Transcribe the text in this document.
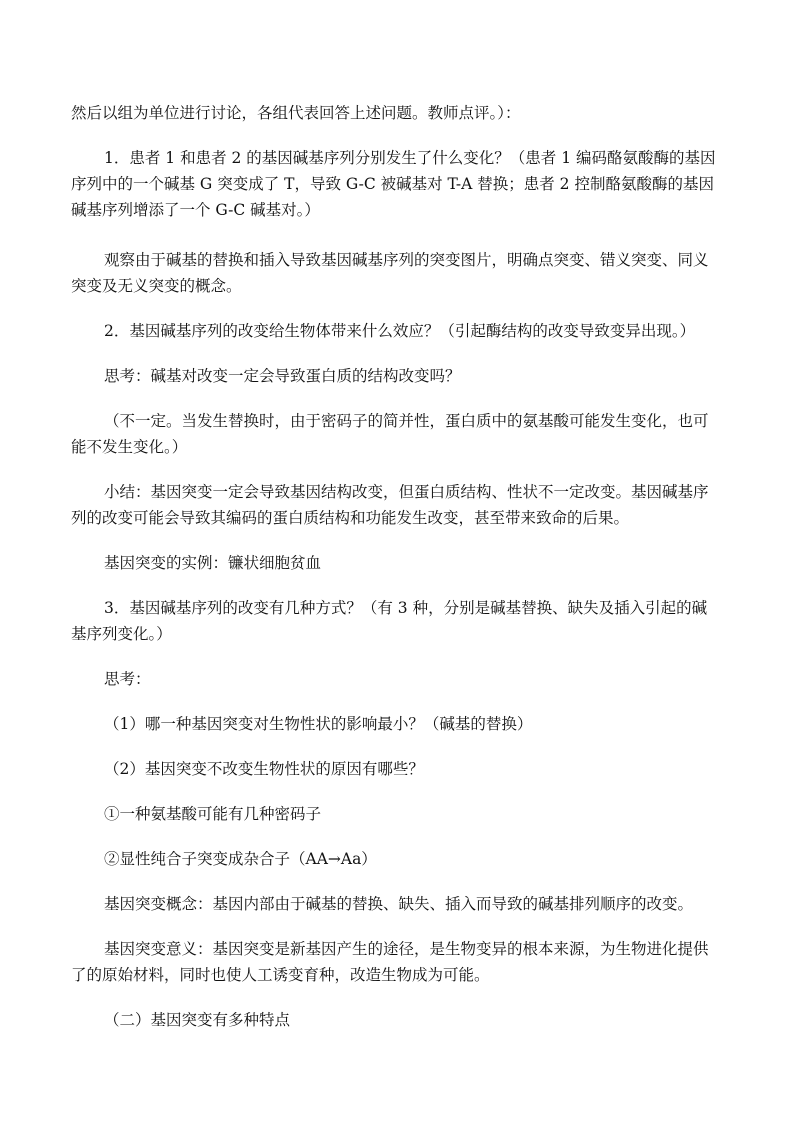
然后以组为单位进行讨论，各组代表回答上述问题。教师点评。）：

1．患者 1 和患者 2 的基因碱基序列分别发生了什么变化？（患者 1 编码酪氨酸酶的基因
序列中的一个碱基 G 突变成了 T，导致 G-C 被碱基对 T-A 替换；患者 2 控制酪氨酸酶的基因
碱基序列增添了一个 G-C 碱基对。）

观察由于碱基的替换和插入导致基因碱基序列的突变图片，明确点突变、错义突变、同义
突变及无义突变的概念。

2．基因碱基序列的改变给生物体带来什么效应？（引起酶结构的改变导致变异出现。）

思考：碱基对改变一定会导致蛋白质的结构改变吗？

（不一定。当发生替换时，由于密码子的简并性，蛋白质中的氨基酸可能发生变化，也可
能不发生变化。）

小结：基因突变一定会导致基因结构改变，但蛋白质结构、性状不一定改变。基因碱基序
列的改变可能会导致其编码的蛋白质结构和功能发生改变，甚至带来致命的后果。

基因突变的实例：镰状细胞贫血

3．基因碱基序列的改变有几种方式？（有 3 种，分别是碱基替换、缺失及插入引起的碱
基序列变化。）

思考：

（1）哪一种基因突变对生物性状的影响最小？（碱基的替换）

（2）基因突变不改变生物性状的原因有哪些？

①一种氨基酸可能有几种密码子

②显性纯合子突变成杂合子（AA→Aa）

基因突变概念：基因内部由于碱基的替换、缺失、插入而导致的碱基排列顺序的改变。

基因突变意义：基因突变是新基因产生的途径，是生物变异的根本来源，为生物进化提供
了的原始材料，同时也使人工诱变育种，改造生物成为可能。

（二）基因突变有多种特点
